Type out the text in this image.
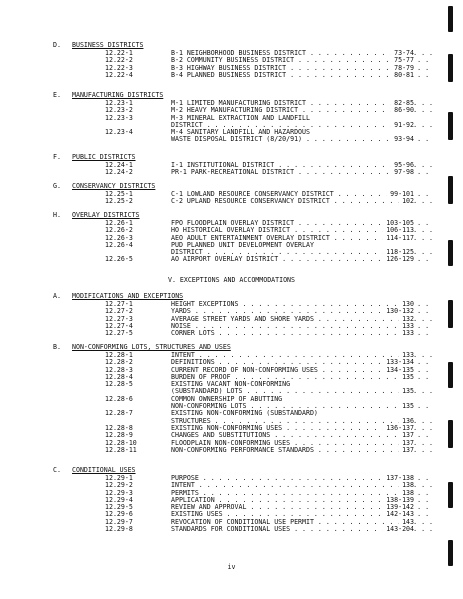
D. BUSINESS DISTRICTS
12.22-1	B-1 NEIGHBORHOOD BUSINESS DISTRICT . . .	73-74
12.22-2	B-2 COMMUNITY BUSINESS DISTRICT . . .	75-77
12.22-3	B-3 HIGHWAY BUSINESS DISTRICT . . .	78-79
12.22-4	B-4 PLANNED BUSINESS DISTRICT . . .	80-81
E. MANUFACTURING DISTRICTS
12.23-1	M-1 LIMITED MANUFACTURING DISTRICT . . .	82-85
12.23-2	M-2 HEAVY MANUFACTURING DISTRICT . . .	86-90
12.23-3	M-3 MINERAL EXTRACTION AND LANDFILL
DISTRICT . . .	91-92
12.23-4	M-4 SANITARY LANDFILL AND HAZARDOUS
WASTE DISPOSAL DISTRICT (8/20/91) . . .	93-94
F. PUBLIC DISTRICTS
12.24-1	I-1 INSTITUTIONAL DISTRICT . . .	95-96
12.24-2	PR-1 PARK-RECREATIONAL DISTRICT . . .	97-98
G. CONSERVANCY DISTRICTS
12.25-1	C-1 LOWLAND RESOURCE CONSERVANCY DISTRICT . . .	99-101
12.25-2	C-2 UPLAND RESOURCE CONSERVANCY DISTRICT . . .	102
H. OVERLAY DISTRICTS
12.26-1	FPO FLOODPLAIN OVERLAY DISTRICT . . .	103-105
12.26-2	HO HISTORICAL OVERLAY DISTRICT . . .	106-113
12.26-3	AEO ADULT ENTERTAINMENT OVERLAY DISTRICT . . .	114-117
12.26-4	PUD PLANNED UNIT DEVELOPMENT OVERLAY
DISTRICT . . .	118-125
12.26-5	AO AIRPORT OVERLAY DISTRICT . . .	126-129
V. EXCEPTIONS AND ACCOMMODATIONS
A. MODIFICATIONS AND EXCEPTIONS
12.27-1	HEIGHT EXCEPTIONS . . .	130
12.27-2	YARDS . . .	130-132
12.27-3	AVERAGE STREET YARDS AND SHORE YARDS . . .	132
12.27-4	NOISE . . .	133
12.27-5	CORNER LOTS . . .	133
B. NON-CONFORMING LOTS, STRUCTURES AND USES
12.28-1	INTENT . . .	133
12.28-2	DEFINITIONS . . .	133-134
12.28-3	CURRENT RECORD OF NON-CONFORMING USES . . .	134-135
12.28-4	BURDEN OF PROOF . . .	135
12.28-5	EXISTING VACANT NON-CONFORMING
(SUBSTANDARD) LOTS . . .	135
12.28-6	COMMON OWNERSHIP OF ABUTTING
NON-CONFORMING LOTS . . .	135
12.28-7	EXISTING NON-CONFORMING (SUBSTANDARD)
STRUCTURES . . .	136
12.28-8	EXISTING NON-CONFORMING USES . . .	136-137
12.28-9	CHANGES AND SUBSTITUTIONS . . .	137
12.28-10	FLOODPLAIN NON-CONFORMING USES . . .	137
12.28-11	NON-CONFORMING PERFORMANCE STANDARDS . . .	137
C. CONDITIONAL USES
12.29-1	PURPOSE . . .	137-138
12.29-2	INTENT . . .	138
12.29-3	PERMITS . . .	138
12.29-4	APPLICATION . . .	138-139
12.29-5	REVIEW AND APPROVAL . . .	139-142
12.29-6	EXISTING USES . . .	142-143
12.29-7	REVOCATION OF CONDITIONAL USE PERMIT . . .	143
12.29-8	STANDARDS FOR CONDITIONAL USES . . .	143-204
iv
